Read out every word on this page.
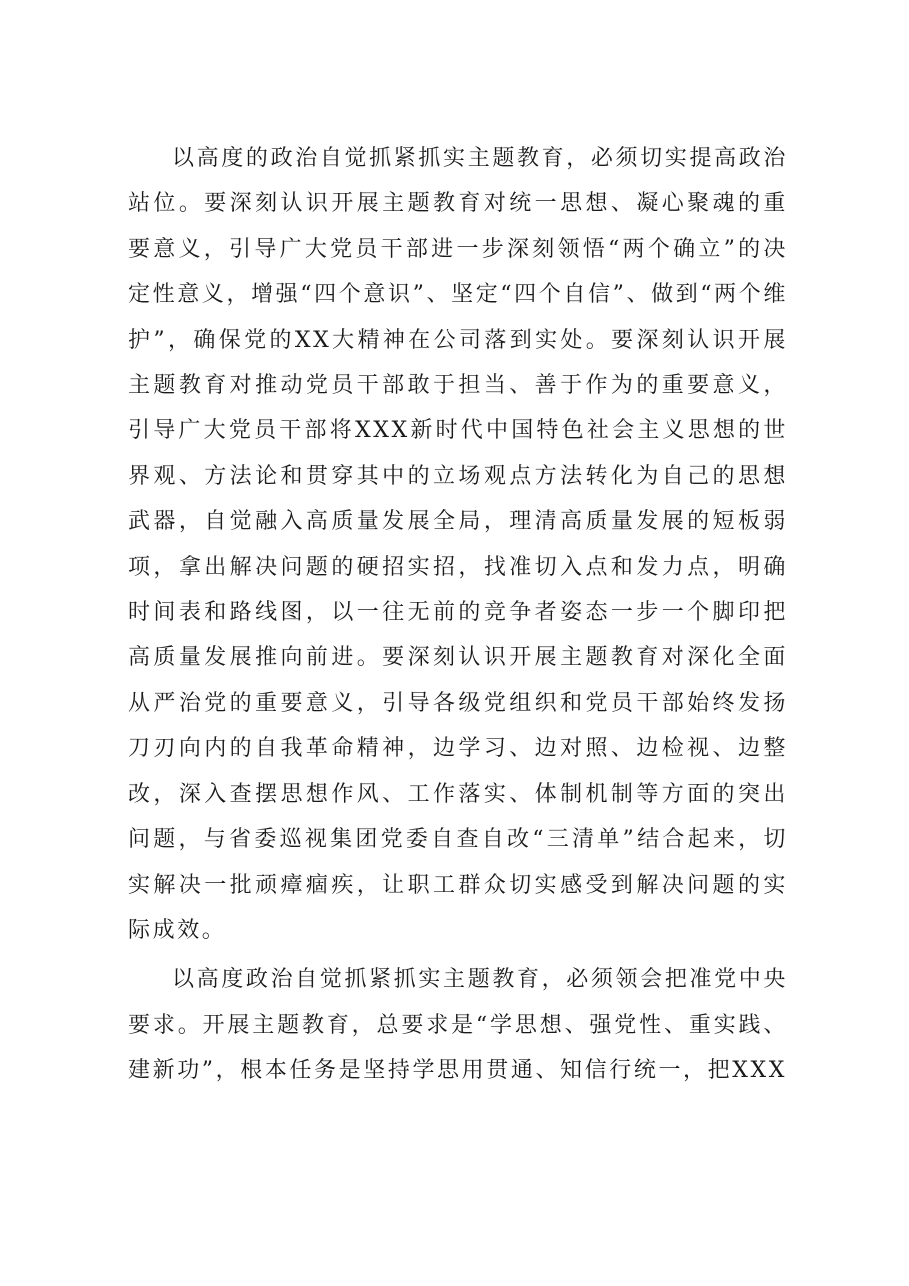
以高度的政治自觉抓紧抓实主题教育，必须切实提高政治站位。要深刻认识开展主题教育对统一思想、凝心聚魂的重要意义，引导广大党员干部进一步深刻领悟“两个确立”的决定性意义，增强“四个意识”、坚定“四个自信”、做到“两个维护”，确保党的XX大精神在公司落到实处。要深刻认识开展主题教育对推动党员干部敢于担当、善于作为的重要意义，引导广大党员干部将XXX新时代中国特色社会主义思想的世界观、方法论和贯穿其中的立场观点方法转化为自己的思想武器，自觉融入高质量发展全局，理清高质量发展的短板弱项，拿出解决问题的硬招实招，找准切入点和发力点，明确时间表和路线图，以一往无前的竞争者姿态一步一个脚印把高质量发展推向前进。要深刻认识开展主题教育对深化全面从严治党的重要意义，引导各级党组织和党员干部始终发扬刀刃向内的自我革命精神，边学习、边对照、边检视、边整改，深入查摆思想作风、工作落实、体制机制等方面的突出问题，与省委巡视集团党委自查自改“三清单”结合起来，切实解决一批顽瘴痼疾，让职工群众切实感受到解决问题的实际成效。

以高度政治自觉抓紧抓实主题教育，必须领会把准党中央要求。开展主题教育，总要求是“学思想、强党性、重实践、建新功”，根本任务是坚持学思用贯通、知信行统一，把XXX
